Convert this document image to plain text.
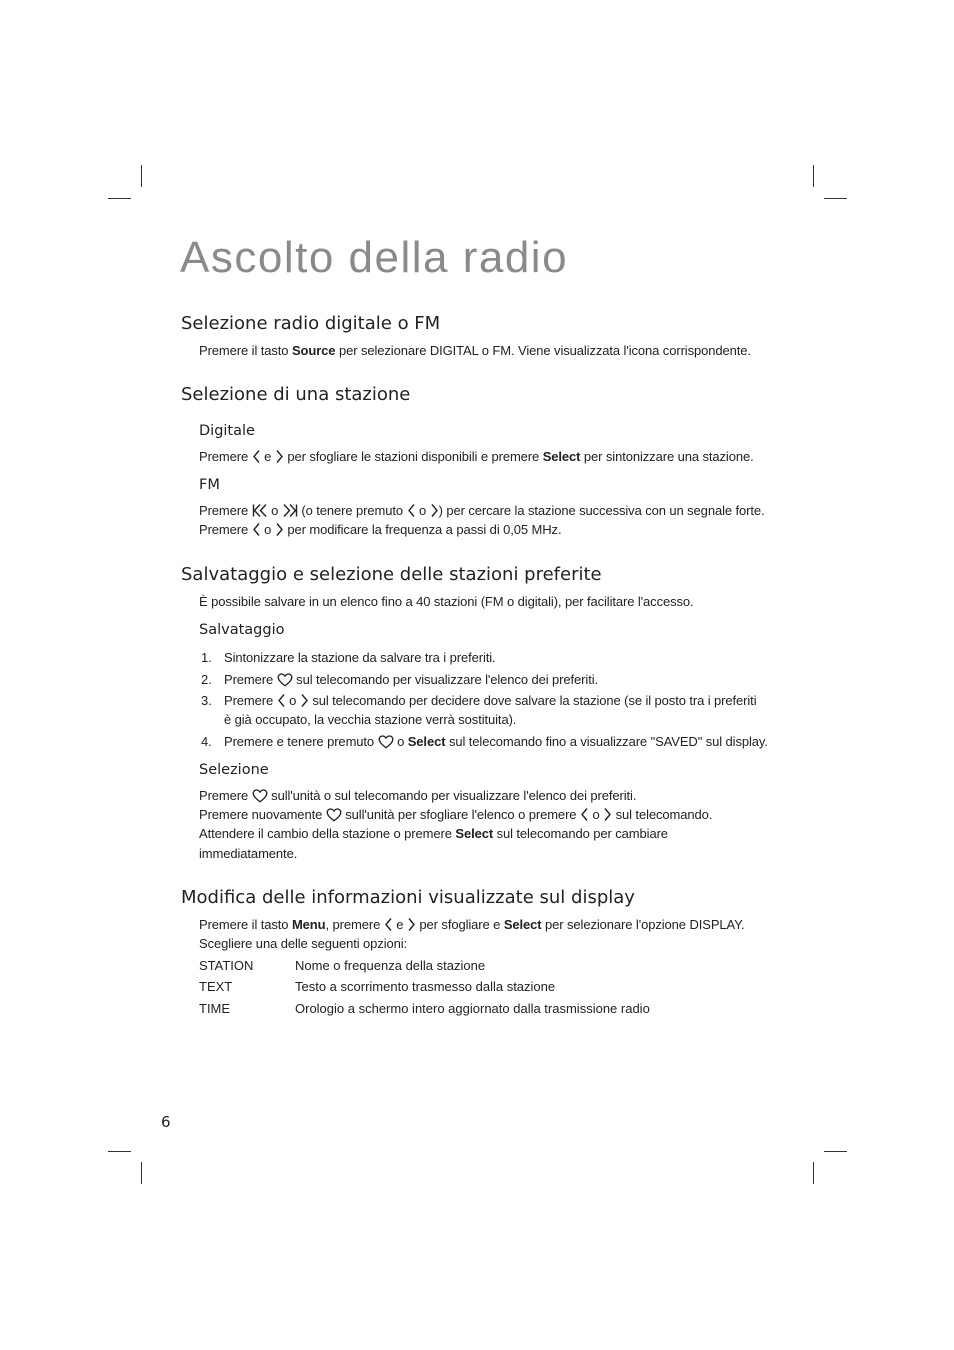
Ascolto della radio
Selezione radio digitale o FM

Premere il tasto Source per selezionare DIGITAL o FM. Viene visualizzata l'icona corrispondente.

Selezione di una stazione
Digitale

Premere
e
per sfogliare le stazioni disponibili e premere Select per sintonizzare una stazione.

FM

Premere
o
(o tenere premuto
o
) per cercare la stazione successiva con un segnale forte.

Premere
o
per modificare la frequenza a passi di 0,05 MHz.

Salvataggio e selezione delle stazioni preferite

È possibile salvare in un elenco fino a 40 stazioni (FM o digitali), per facilitare l'accesso.

Salvataggio
1. Sintonizzare la stazione da salvare tra i preferiti.

2. Premere
sul telecomando per visualizzare l'elenco dei preferiti.

3. Premere
o
sul telecomando per decidere dove salvare la stazione (se il posto tra i preferiti

è già occupato, la vecchia stazione verrà sostituita).

4. Premere e tenere premuto
o Select sul telecomando fino a visualizzare "SAVED" sul display.

Selezione

Premere
sull'unità o sul telecomando per visualizzare l'elenco dei preferiti.

Premere nuovamente
sull'unità per sfogliare l'elenco o premere
o
sul telecomando.

Attendere il cambio della stazione o premere Select sul telecomando per cambiare

immediatamente.

Modifica delle informazioni visualizzate sul display

Premere il tasto Menu, premere
e
per sfogliare e Select per selezionare l'opzione DISPLAY.

Scegliere una delle seguenti opzioni:

STATION	Nome o frequenza della stazione
TEXT	Testo a scorrimento trasmesso dalla stazione
TIME	Orologio a schermo intero aggiornato dalla trasmissione radio
6
